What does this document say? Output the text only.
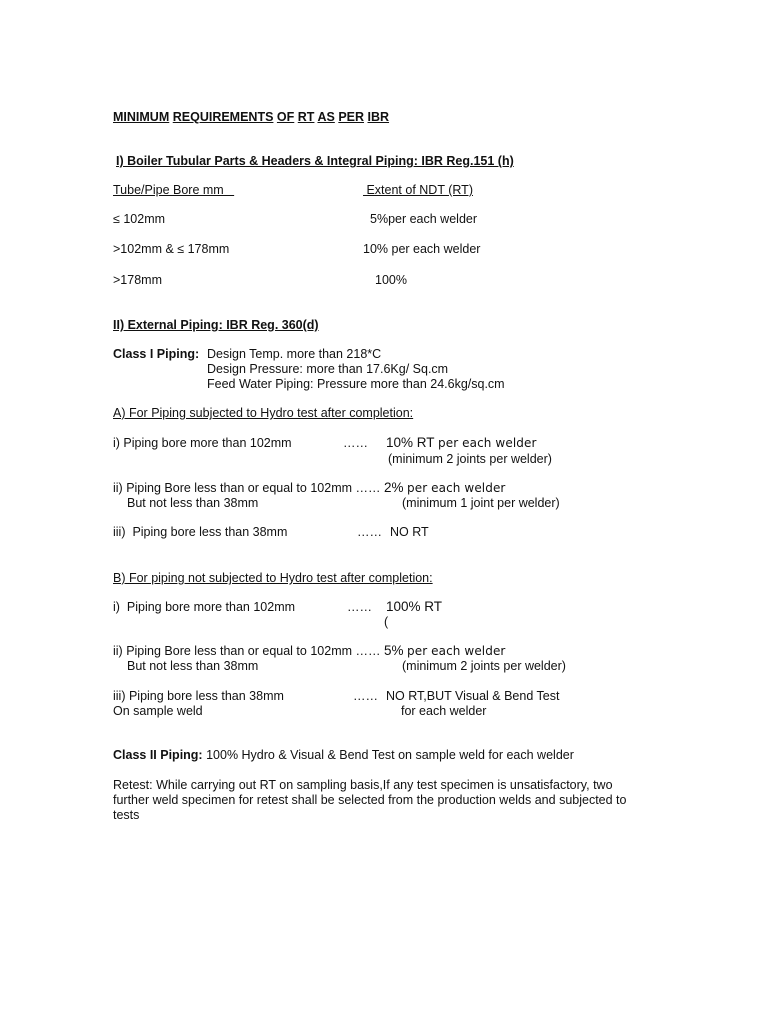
MINIMUM REQUIREMENTS OF RT AS PER IBR
I) Boiler Tubular Parts & Headers & Integral Piping: IBR Reg.151 (h)
Tube/Pipe Bore mm	Extent of NDT (RT)
≤ 102mm	5%per each welder
>102mm & ≤ 178mm	10% per each welder
>178mm	100%
II) External Piping: IBR Reg. 360(d)
Class I Piping: Design Temp. more than 218*C
Design Pressure: more than 17.6Kg/ Sq.cm
Feed Water Piping: Pressure more than 24.6kg/sq.cm
A) For Piping subjected to Hydro test after completion:
i) Piping bore more than 102mm	…… 10% RT per each welder
(minimum 2 joints per welder)
ii) Piping Bore less than or equal to 102mm …… 2% per each welder
But not less than 38mm	(minimum 1 joint per welder)
iii)  Piping bore less than 38mm	…… NO RT
B) For piping not subjected to Hydro test after completion:
i)  Piping bore more than 102mm	…… 100% RT
(
ii) Piping Bore less than or equal to 102mm …… 5% per each welder
But not less than 38mm	(minimum 2 joints per welder)
iii) Piping bore less than 38mm	…… NO RT,BUT Visual & Bend Test
On sample weld	for each welder
Class II Piping: 100% Hydro & Visual & Bend Test on sample weld for each welder
Retest: While carrying out RT on sampling basis,If any test specimen is unsatisfactory, two further weld specimen for retest shall be selected from the production welds and subjected to tests
